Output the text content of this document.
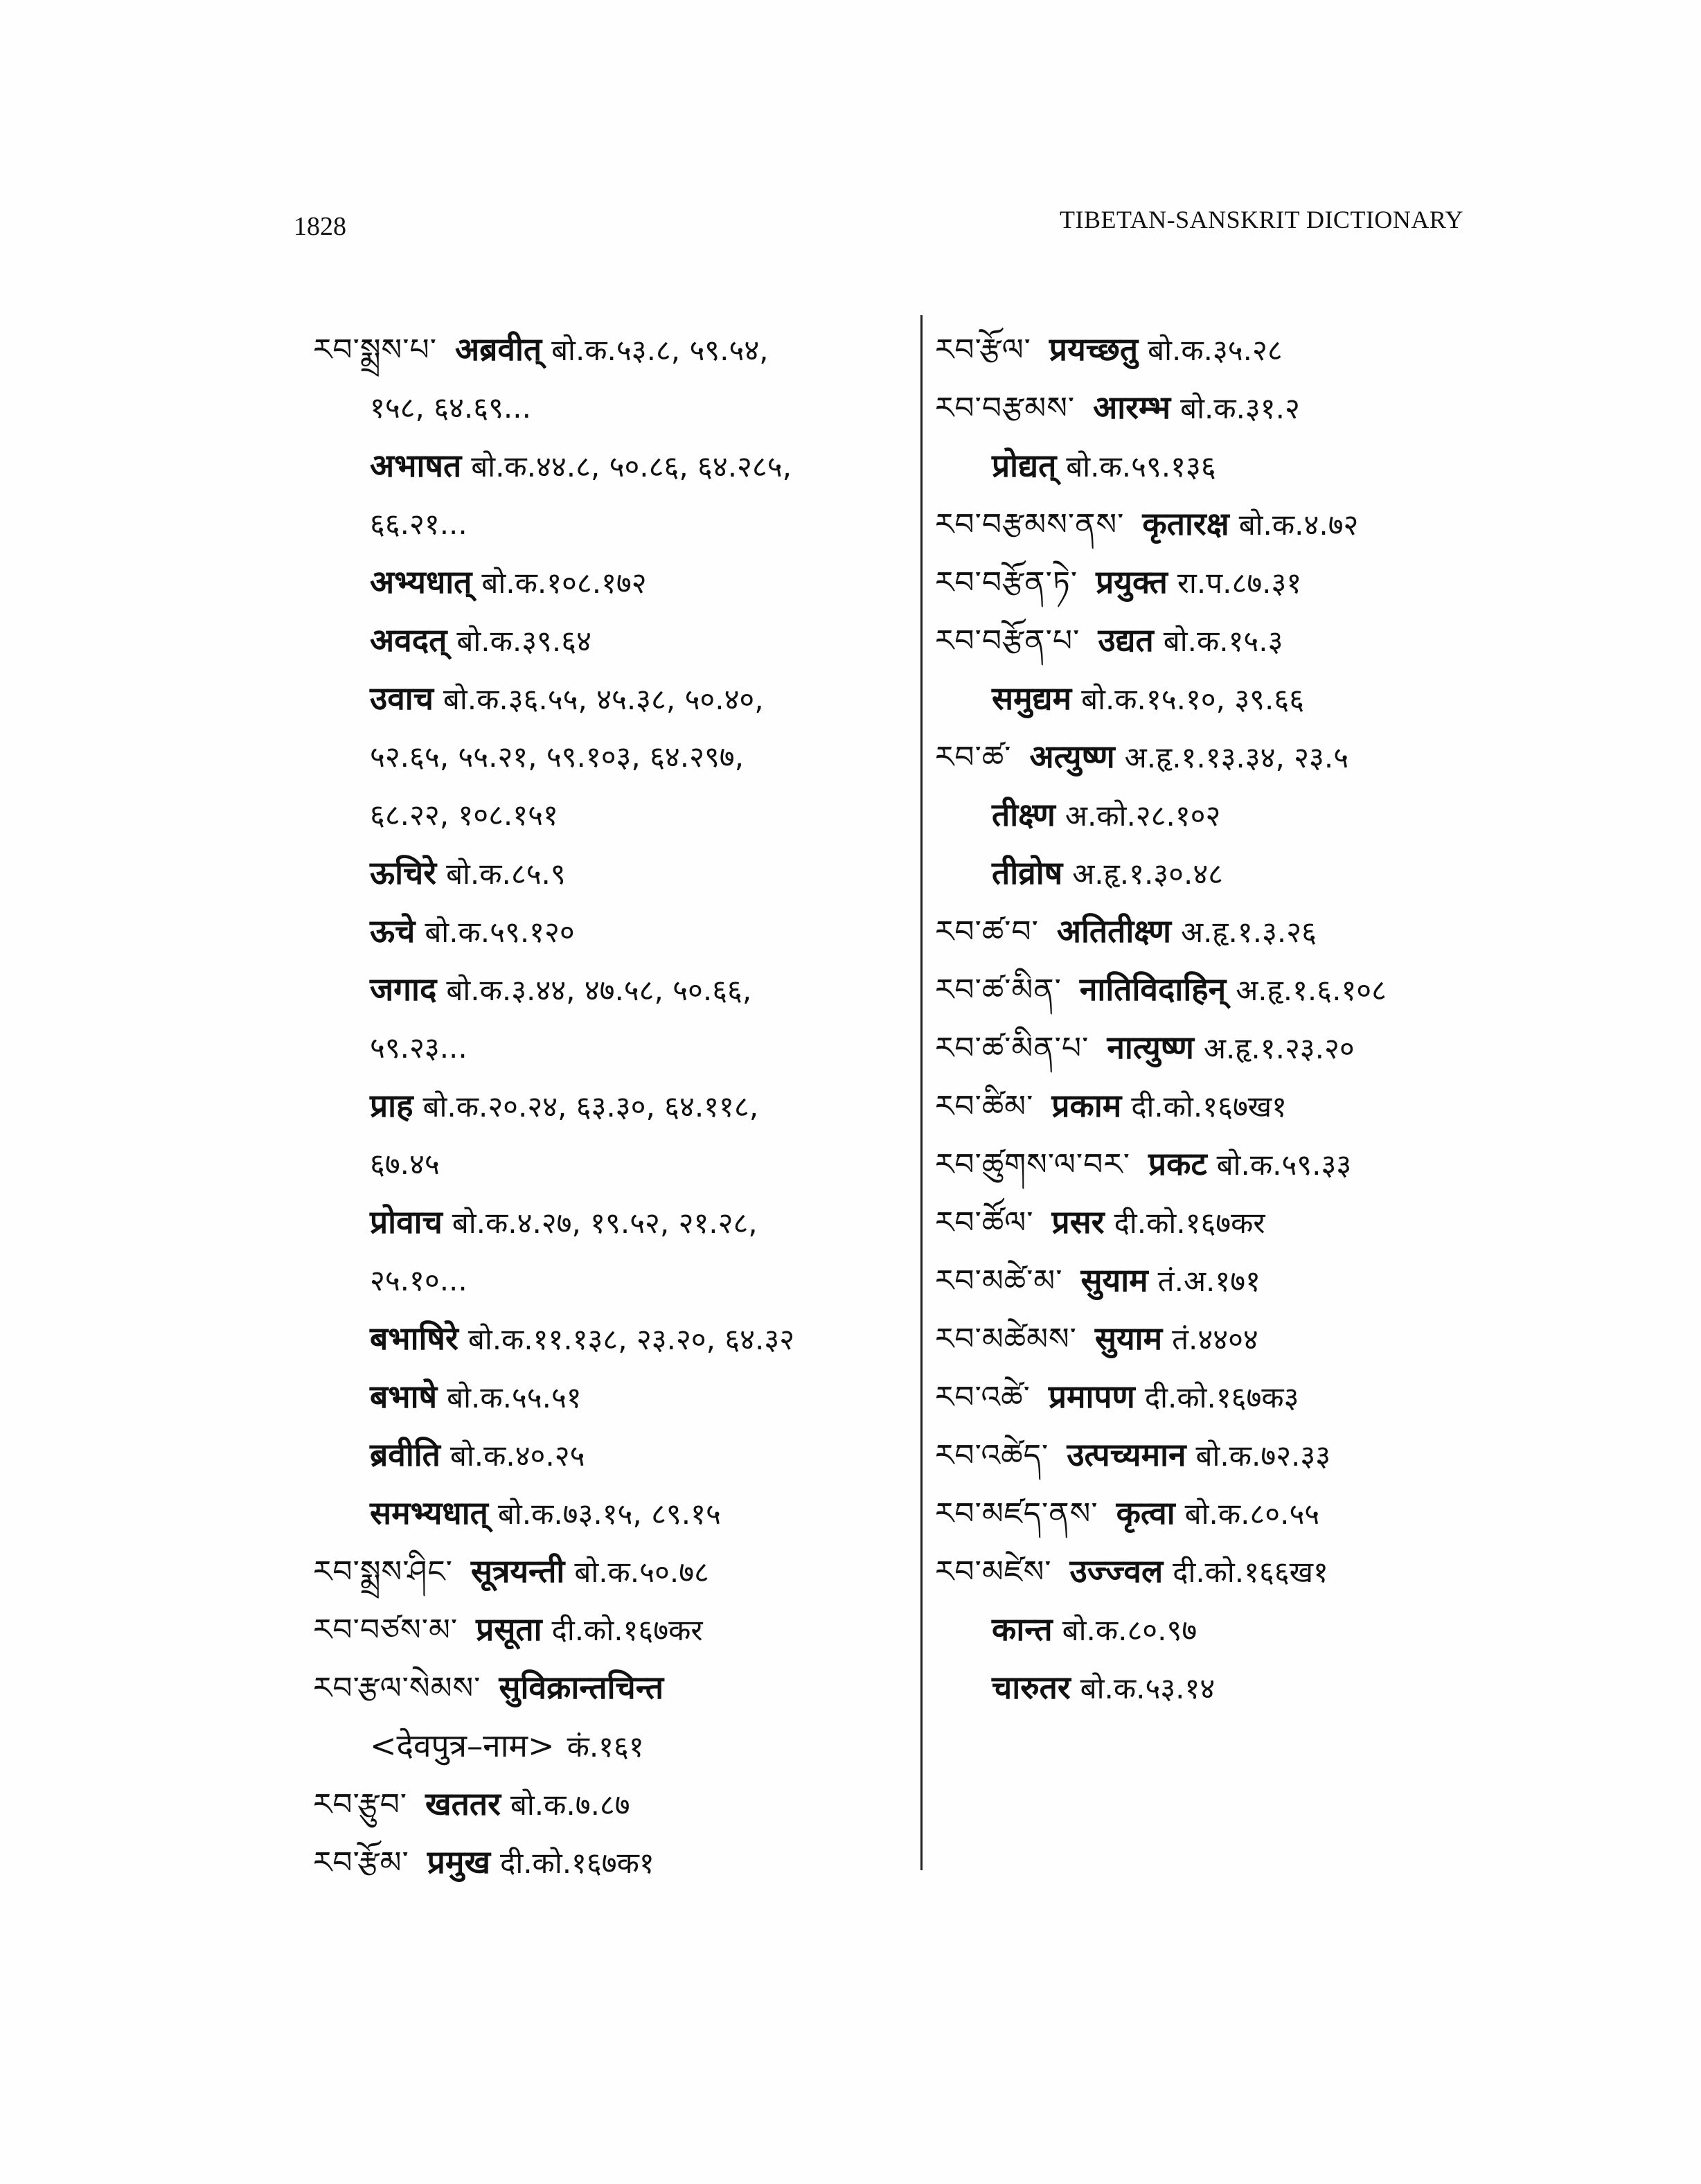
1828	TIBETAN-SANSKRIT DICTIONARY
རབ་སྨྲས་པ་ अब्रवीत् बो.क.५३.८, ५९.५४,
१५८, ६४.६९...
अभाषत बो.क.४४.८, ५०.८६, ६४.२८५,
६६.२१...
अभ्यधात् बो.क.१०८.१७२
अवदत् बो.क.३९.६४
उवाच बो.क.३६.५५, ४५.३८, ५०.४०,
५२.६५, ५५.२१, ५९.१०३, ६४.२९७,
६८.२२, १०८.१५१
ऊचिरे बो.क.८५.९
ऊचे बो.क.५९.१२०
जगाद बो.क.३.४४, ४७.५८, ५०.६६,
५९.२३...
प्राह बो.क.२०.२४, ६३.३०, ६४.११८,
६७.४५
प्रोवाच बो.क.४.२७, १९.५२, २१.२८,
२५.१०...
बभाषिरे बो.क.११.१३८, २३.२०, ६४.३२
बभाषे बो.क.५५.५१
ब्रवीति बो.क.४०.२५
समभ्यधात् बो.क.७३.१५, ८९.१५
རབ་སྨྲས་ཤིང་ सूत्रयन्ती बो.क.५०.७८
རབ་བཙས་མ་ प्रसूता दी.को.१६७कर
རབ་རྩལ་སེམས་ सुविक्रान्तचिन्त
<देवपुत्र–नाम> कं.१६१
རབ་རྩུབ་ खततर बो.क.७.८७
རབ་རྩོམ་ प्रमुख दी.को.१६७क१
རབ་རྩོལ་ प्रयच्छतु बो.क.३५.२८
རབ་བརྩམས་ आरम्भ बो.क.३१.२
प्रोद्यत् बो.क.५९.१३६
རབ་བརྩམས་ནས་ कृतारक्ष बो.क.४.७२
རབ་བརྩོན་ཏེ་ प्रयुक्त रा.प.८७.३१
རབ་བརྩོན་པ་ उद्यत बो.क.१५.३
समुद्यम बो.क.१५.१०, ३९.६६
རབ་ཚ་ अत्युष्ण अ.हृ.१.१३.३४, २३.५
तीक्ष्ण अ.को.२८.१०२
तीव्रोष अ.हृ.१.३०.४८
རབ་ཚ་བ་ अतितीक्ष्ण अ.हृ.१.३.२६
རབ་ཚ་མིན་ नातिविदाहिन् अ.हृ.१.६.१०८
རབ་ཚ་མིན་པ་ नात्युष्ण अ.हृ.१.२३.२०
རབ་ཚིམ་ प्रकाम दी.को.१६७ख१
རབ་ཚུགས་ལ་བར་ प्रकट बो.क.५९.३३
རབ་ཚོལ་ प्रसर दी.को.१६७कर
རབ་མཚེ་མ་ सुयाम तं.अ.१७१
རབ་མཚེམས་ सुयाम तं.४४०४
རབ་འཚེ་ प्रमापण दी.को.१६७क३
རབ་འཚེད་ उत्पच्यमान बो.क.७२.३३
རབ་མཛད་ནས་ कृत्वा बो.क.८०.५५
རབ་མཛེས་ उज्ज्वल दी.को.१६६ख१
कान्त बो.क.८०.९७
चारुतर बो.क.५३.१४
